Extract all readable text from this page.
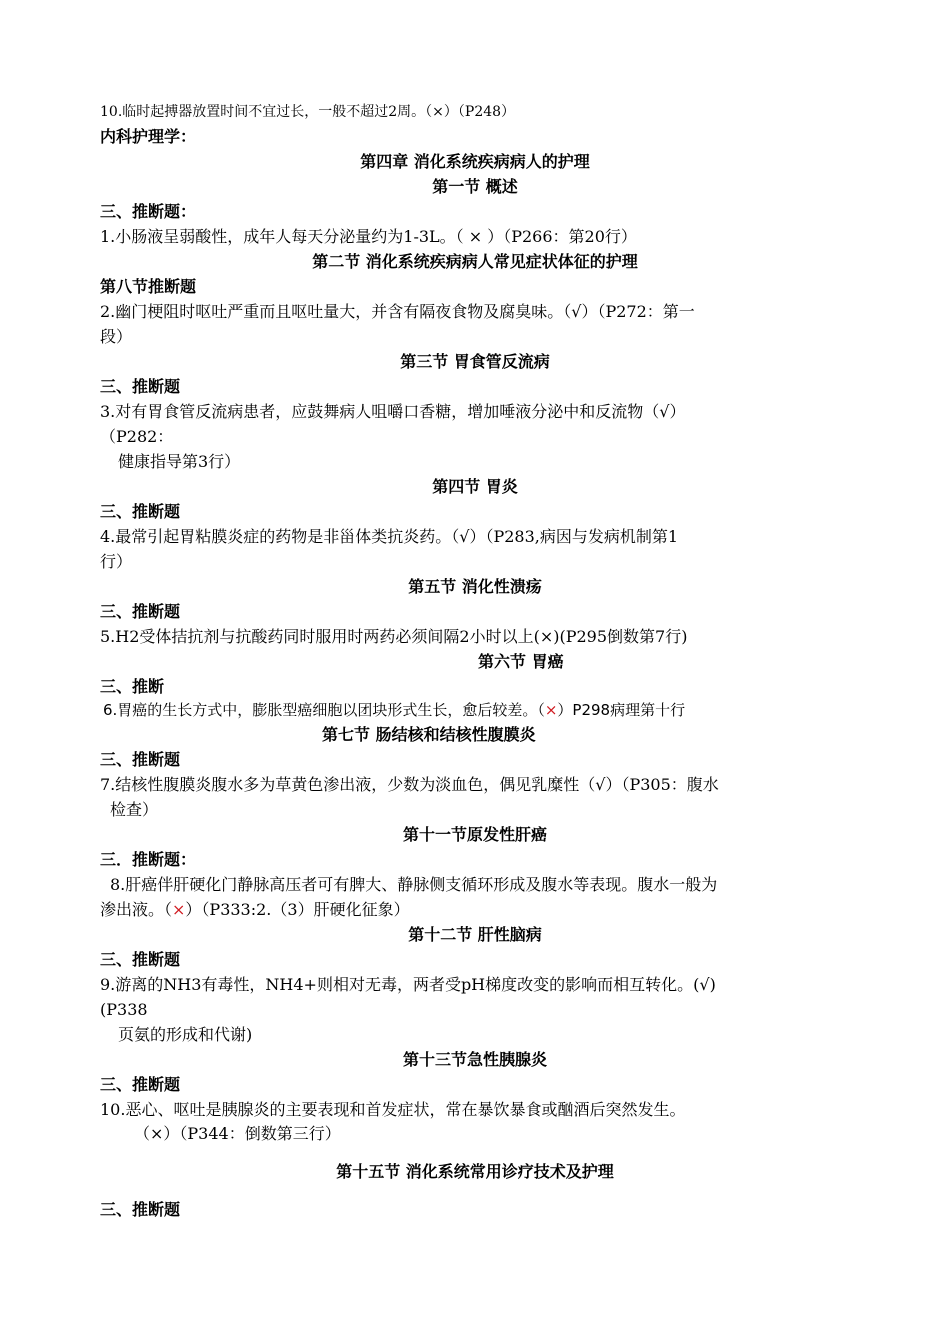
10.临时起搏器放置时间不宜过长，一般不超过2周。（×）（P248）
内科护理学：
第四章 消化系统疾病病人的护理
第一节 概述
三、推断题：
1.小肠液呈弱酸性，成年人每天分泌量约为1-3L。（ × ）（P266：第20行）
第二节 消化系统疾病病人常见症状体征的护理
第八节推断题
2.幽门梗阻时呕吐严重而且呕吐量大，并含有隔夜食物及腐臭味。（√）（P272：第一
段）
第三节 胃食管反流病
三、推断题
3.对有胃食管反流病患者，应鼓舞病人咀嚼口香糖，增加唾液分泌中和反流物（√）
（P282：
健康指导第3行）
第四节 胃炎
三、推断题
4.最常引起胃粘膜炎症的药物是非甾体类抗炎药。（√）（P283,病因与发病机制第1
行）
第五节 消化性溃疡
三、推断题
5.H2受体拮抗剂与抗酸药同时服用时两药必须间隔2小时以上(×)(P295倒数第7行)
第六节 胃癌
三、推断
6.胃癌的生长方式中，膨胀型癌细胞以团块形式生长，愈后较差。（×）P298病理第十行
第七节 肠结核和结核性腹膜炎
三、推断题
7.结核性腹膜炎腹水多为草黄色渗出液，少数为淡血色，偶见乳糜性（√）（P305：腹水
检查）
第十一节原发性肝癌
三．推断题：
8.肝癌伴肝硬化门静脉高压者可有脾大、静脉侧支循环形成及腹水等表现。腹水一般为
渗出液。（×）（P333:2.（3）肝硬化征象）
第十二节 肝性脑病
三、推断题
9.游离的NH3有毒性，NH4+则相对无毒，两者受pH梯度改变的影响而相互转化。(√)
(P338
页氨的形成和代谢)
第十三节急性胰腺炎
三、推断题
10.恶心、呕吐是胰腺炎的主要表现和首发症状，常在暴饮暴食或酗酒后突然发生。
（×）（P344：倒数第三行）
第十五节 消化系统常用诊疗技术及护理
三、推断题
